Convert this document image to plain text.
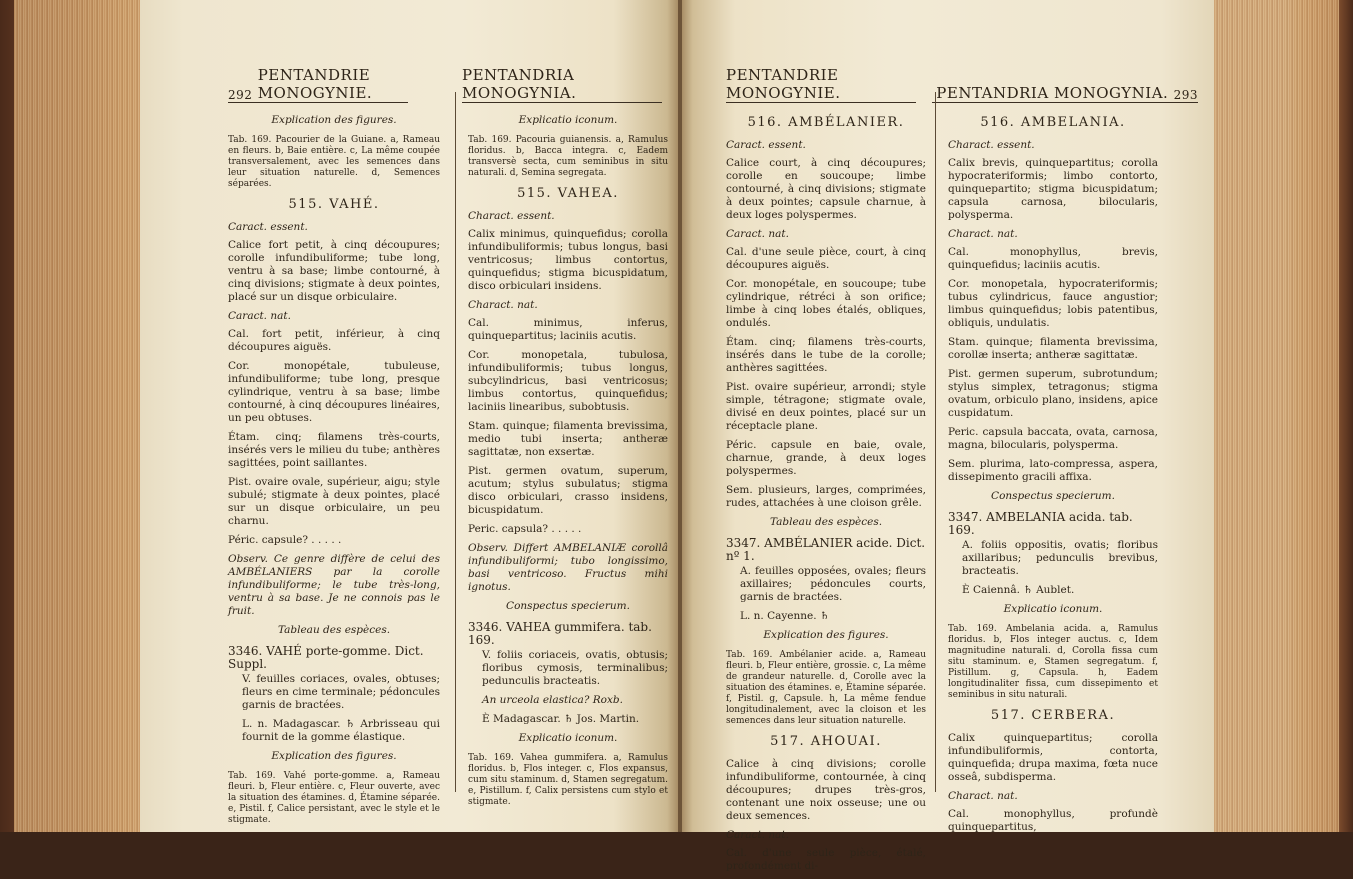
292

PENTANDRIE MONOGYNIE.
PENTANDRIA MONOGYNIA.
Explication des figures.

Tab. 169. Pacourier de la Guiane. a, Rameau en fleurs. b, Baie entière. c, La même coupée transversalement, avec les semences dans leur situation naturelle. d, Semences séparées.

515. VAHÉ.
Caract. essent.

Calice fort petit, à cinq découpures; corolle infundibuliforme; tube long, ventru à sa base; limbe contourné, à cinq divisions; stigmate à deux pointes, placé sur un disque orbiculaire.

Caract. nat.

Cal. fort petit, inférieur, à cinq découpures aiguës.

Cor. monopétale, tubuleuse, infundibuliforme; tube long, presque cylindrique, ventru à sa base; limbe contourné, à cinq découpures linéaires, un peu obtuses.

Étam. cinq; filamens très-courts, insérés vers le milieu du tube; anthères sagittées, point saillantes.

Pist. ovaire ovale, supérieur, aigu; style subulé; stigmate à deux pointes, placé sur un disque orbiculaire, un peu charnu.

Péric. capsule? . . . . .

Observ. Ce genre diffère de celui des AMBÉLANIERS par la corolle infundibuliforme; le tube très-long, ventru à sa base. Je ne connois pas le fruit.

Tableau des espèces.
3346. VAHÉ porte-gomme. Dict. Suppl.

V. feuilles coriaces, ovales, obtuses; fleurs en cime terminale; pédoncules garnis de bractées.

L. n. Madagascar. ♄ Arbrisseau qui fournit de la gomme élastique.

Explication des figures.

Tab. 169. Vahé porte-gomme. a, Rameau fleuri. b, Fleur entière. c, Fleur ouverte, avec la situation des étamines. d, Étamine séparée. e, Pistil. f, Calice persistant, avec le style et le stigmate.

Explicatio iconum.

Tab. 169. Pacouria guianensis. a, Ramulus floridus. b, Bacca integra. c, Eadem transversè secta, cum seminibus in situ naturali. d, Semina segregata.

515. VAHEA.
Charact. essent.

Calix minimus, quinquefidus; corolla infundibuliformis; tubus longus, basi ventricosus; limbus contortus, quinquefidus; stigma bicuspidatum, disco orbiculari insidens.

Charact. nat.

Cal. minimus, inferus, quinquepartitus; laciniis acutis.

Cor. monopetala, tubulosa, infundibuliformis; tubus longus, subcylindricus, basi ventricosus; limbus contortus, quinquefidus; laciniis linearibus, subobtusis.

Stam. quinque; filamenta brevissima, medio tubi inserta; antheræ sagittatæ, non exsertæ.

Pist. germen ovatum, superum, acutum; stylus subulatus; stigma disco orbiculari, crasso insidens, bicuspidatum.

Peric. capsula? . . . . .

Observ. Differt AMBELANIÆ corollâ infundibuliformi; tubo longissimo, basi ventricoso. Fructus mihi ignotus.

Conspectus specierum.
3346. VAHEA gummifera. tab. 169.

V. foliis coriaceis, ovatis, obtusis; floribus cymosis, terminalibus; pedunculis bracteatis.

An urceola elastica? Roxb.

È Madagascar. ♄ Jos. Martin.

Explicatio iconum.

Tab. 169. Vahea gummifera. a, Ramulus floridus. b, Flos integer. c, Flos expansus, cum situ staminum. d, Stamen segregatum. e, Pistillum. f, Calix persistens cum stylo et stigmate.

PENTANDRIE MONOGYNIE.	PENTANDRIA MONOGYNIA.
293
516. AMBÉLANIER.
Caract. essent.

Calice court, à cinq découpures; corolle en soucoupe; limbe contourné, à cinq divisions; stigmate à deux pointes; capsule charnue, à deux loges polyspermes.

Caract. nat.

Cal. d'une seule pièce, court, à cinq découpures aiguës.

Cor. monopétale, en soucoupe; tube cylindrique, rétréci à son orifice; limbe à cinq lobes étalés, obliques, ondulés.

Étam. cinq; filamens très-courts, insérés dans le tube de la corolle; anthères sagittées.

Pist. ovaire supérieur, arrondi; style simple, tétragone; stigmate ovale, divisé en deux pointes, placé sur un réceptacle plane.

Péric. capsule en baie, ovale, charnue, grande, à deux loges polyspermes.

Sem. plusieurs, larges, comprimées, rudes, attachées à une cloison grêle.

Tableau des espèces.
3347. AMBÉLANIER acide. Dict. nº 1.

A. feuilles opposées, ovales; fleurs axillaires; pédoncules courts, garnis de bractées.

L. n. Cayenne. ♄

Explication des figures.

Tab. 169. Ambélanier acide. a, Rameau fleuri. b, Fleur entière, grossie. c, La même de grandeur naturelle. d, Corolle avec la situation des étamines. e, Étamine séparée. f, Pistil. g, Capsule. h, La même fendue longitudinalement, avec la cloison et les semences dans leur situation naturelle.

517. AHOUAI.

Calice à cinq divisions; corolle infundibuliforme, contournée, à cinq découpures; drupes très-gros, contenant une noix osseuse; une ou deux semences.

Caract. nat.

Cal. d'une seule pièce, étalé, profondément di-

516. AMBELANIA.
Charact. essent.

Calix brevis, quinquepartitus; corolla hypocrateriformis; limbo contorto, quinquepartito; stigma bicuspidatum; capsula carnosa, bilocularis, polysperma.

Charact. nat.

Cal. monophyllus, brevis, quinquefidus; laciniis acutis.

Cor. monopetala, hypocrateriformis; tubus cylindricus, fauce angustior; limbus quinquefidus; lobis patentibus, obliquis, undulatis.

Stam. quinque; filamenta brevissima, corollæ inserta; antheræ sagittatæ.

Pist. germen superum, subrotundum; stylus simplex, tetragonus; stigma ovatum, orbiculo plano, insidens, apice cuspidatum.

Peric. capsula baccata, ovata, carnosa, magna, bilocularis, polysperma.

Sem. plurima, lato-compressa, aspera, dissepimento gracili affixa.

Conspectus specierum.
3347. AMBELANIA acida. tab. 169.

A. foliis oppositis, ovatis; floribus axillaribus; pedunculis brevibus, bracteatis.

È Caiennâ. ♄ Aublet.

Explicatio iconum.

Tab. 169. Ambelania acida. a, Ramulus floridus. b, Flos integer auctus. c, Idem magnitudine naturali. d, Corolla fissa cum situ staminum. e, Stamen segregatum. f, Pistillum. g, Capsula. h, Eadem longitudinaliter fissa, cum dissepimento et seminibus in situ naturali.

517. CERBERA.

Calix quinquepartitus; corolla infundibuliformis, contorta, quinquefida; drupa maxima, fœta nuce osseâ, subdisperma.

Charact. nat.

Cal. monophyllus, profundè quinquepartitus,
